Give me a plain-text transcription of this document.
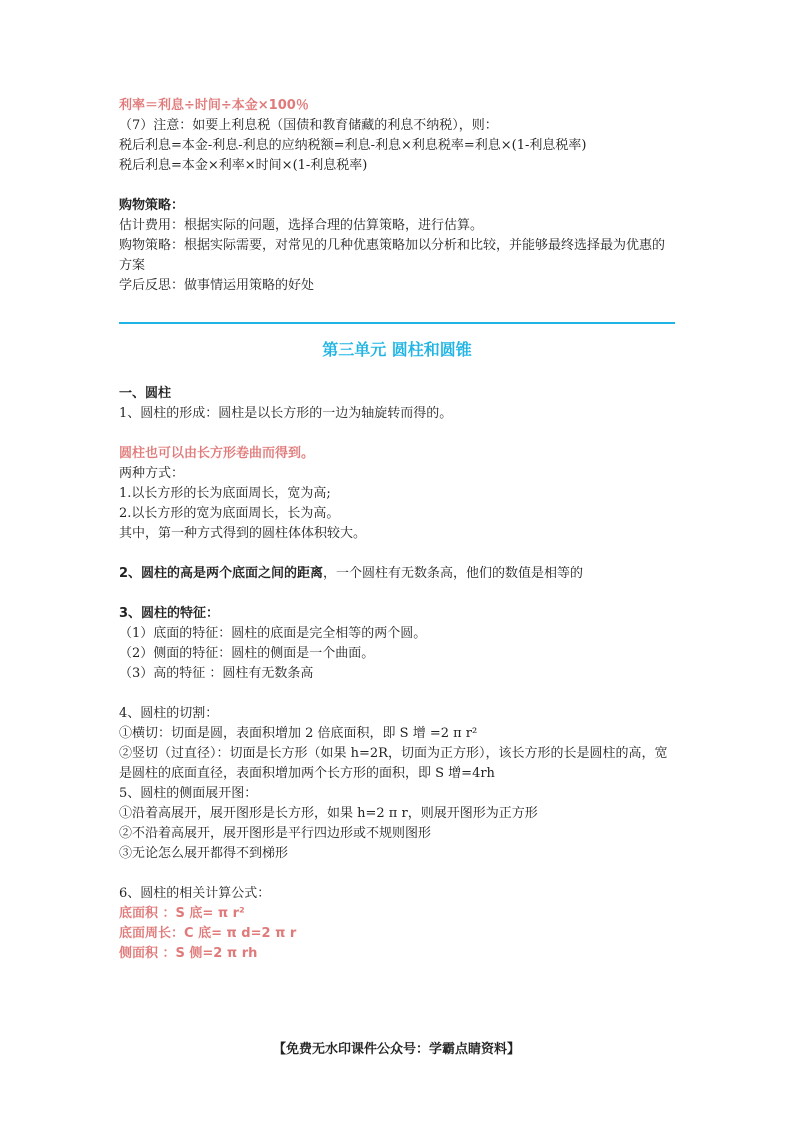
利率＝利息÷时间÷本金×100％
（7）注意：如要上利息税（国债和教育储藏的利息不纳税），则：
税后利息=本金-利息-利息的应纳税额=利息-利息×利息税率=利息×(1-利息税率)
税后利息=本金×利率×时间×(1-利息税率)
购物策略：
估计费用：根据实际的问题，选择合理的估算策略，进行估算。
购物策略：根据实际需要，对常见的几种优惠策略加以分析和比较，并能够最终选择最为优惠的方案
学后反思：做事情运用策略的好处
第三单元 圆柱和圆锥
一、圆柱
1、圆柱的形成：圆柱是以长方形的一边为轴旋转而得的。
圆柱也可以由长方形卷曲而得到。
两种方式：
1.以长方形的长为底面周长，宽为高;
2.以长方形的宽为底面周长，长为高。
其中，第一种方式得到的圆柱体体积较大。
2、圆柱的高是两个底面之间的距离，一个圆柱有无数条高，他们的数值是相等的
3、圆柱的特征：
（1）底面的特征：圆柱的底面是完全相等的两个圆。
（2）侧面的特征：圆柱的侧面是一个曲面。
（3）高的特征 ：圆柱有无数条高
4、圆柱的切割：
①横切：切面是圆，表面积增加 2 倍底面积，即 S 增 =2 π r²
②竖切（过直径）：切面是长方形（如果 h=2R，切面为正方形），该长方形的长是圆柱的高，宽是圆柱的底面直径，表面积增加两个长方形的面积，即 S 增=4rh
5、圆柱的侧面展开图：
①沿着高展开，展开图形是长方形，如果 h=2 π r，则展开图形为正方形
②不沿着高展开，展开图形是平行四边形或不规则图形
③无论怎么展开都得不到梯形
6、圆柱的相关计算公式：
底面积 ：S 底= π r²
底面周长：C 底= π d=2 π r
侧面积 ：S 侧=2 π rh
【免费无水印课件公众号：学霸点睛资料】
